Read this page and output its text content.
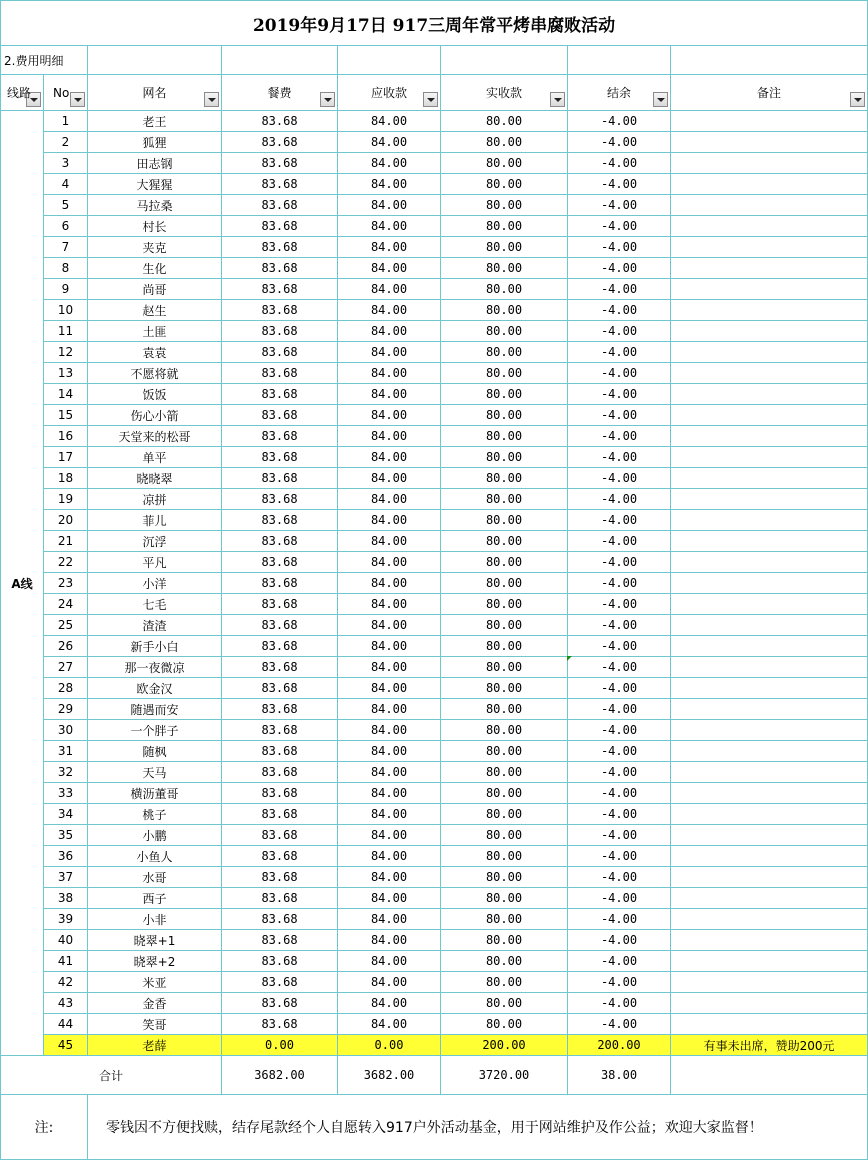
2019年9月17日 917三周年常平烤串腐败活动							
2.费用明细							
线路	No	网名	餐费	应收款	实收款	结余	备注

A线	1	老王	83.68	84.00	80.00	-4.00	
	2	狐狸	83.68	84.00	80.00	-4.00	
	3	田志钢	83.68	84.00	80.00	-4.00	
	4	大猩猩	83.68	84.00	80.00	-4.00	
	5	马拉桑	83.68	84.00	80.00	-4.00	
	6	村长	83.68	84.00	80.00	-4.00	
	7	夹克	83.68	84.00	80.00	-4.00	
	8	生化	83.68	84.00	80.00	-4.00	
	9	尚哥	83.68	84.00	80.00	-4.00	
	10	赵生	83.68	84.00	80.00	-4.00	
	11	土匪	83.68	84.00	80.00	-4.00	
	12	袁袁	83.68	84.00	80.00	-4.00	
	13	不愿将就	83.68	84.00	80.00	-4.00	
	14	饭饭	83.68	84.00	80.00	-4.00	
	15	伤心小箭	83.68	84.00	80.00	-4.00	
	16	天堂来的松哥	83.68	84.00	80.00	-4.00	
	17	单平	83.68	84.00	80.00	-4.00	
	18	晓晓翠	83.68	84.00	80.00	-4.00	
	19	凉拼	83.68	84.00	80.00	-4.00	
	20	菲儿	83.68	84.00	80.00	-4.00	
	21	沉浮	83.68	84.00	80.00	-4.00	
	22	平凡	83.68	84.00	80.00	-4.00	
	23	小洋	83.68	84.00	80.00	-4.00	
	24	七毛	83.68	84.00	80.00	-4.00	
	25	渣渣	83.68	84.00	80.00	-4.00	
	26	新手小白	83.68	84.00	80.00	-4.00	
	27	那一夜微凉	83.68	84.00	80.00	-4.00	
	28	欧金汉	83.68	84.00	80.00	-4.00	
	29	随遇而安	83.68	84.00	80.00	-4.00	
	30	一个胖子	83.68	84.00	80.00	-4.00	
	31	随枫	83.68	84.00	80.00	-4.00	
	32	天马	83.68	84.00	80.00	-4.00	
	33	横沥董哥	83.68	84.00	80.00	-4.00	
	34	桃子	83.68	84.00	80.00	-4.00	
	35	小鹏	83.68	84.00	80.00	-4.00	
	36	小鱼人	83.68	84.00	80.00	-4.00	
	37	水哥	83.68	84.00	80.00	-4.00	
	38	西子	83.68	84.00	80.00	-4.00	
	39	小非	83.68	84.00	80.00	-4.00	
	40	晓翠+1	83.68	84.00	80.00	-4.00	
	41	晓翠+2	83.68	84.00	80.00	-4.00	
	42	米亚	83.68	84.00	80.00	-4.00	
	43	金香	83.68	84.00	80.00	-4.00	
	44	笑哥	83.68	84.00	80.00	-4.00	
	45	老薛	0.00	0.00	200.00	200.00	有事未出席，赞助200元
合计			3682.00	3682.00	3720.00	38.00	
注:		零钱因不方便找赎，结存尾款经个人自愿转入917户外活动基金，用于网站维护及作公益；欢迎大家监督！					
